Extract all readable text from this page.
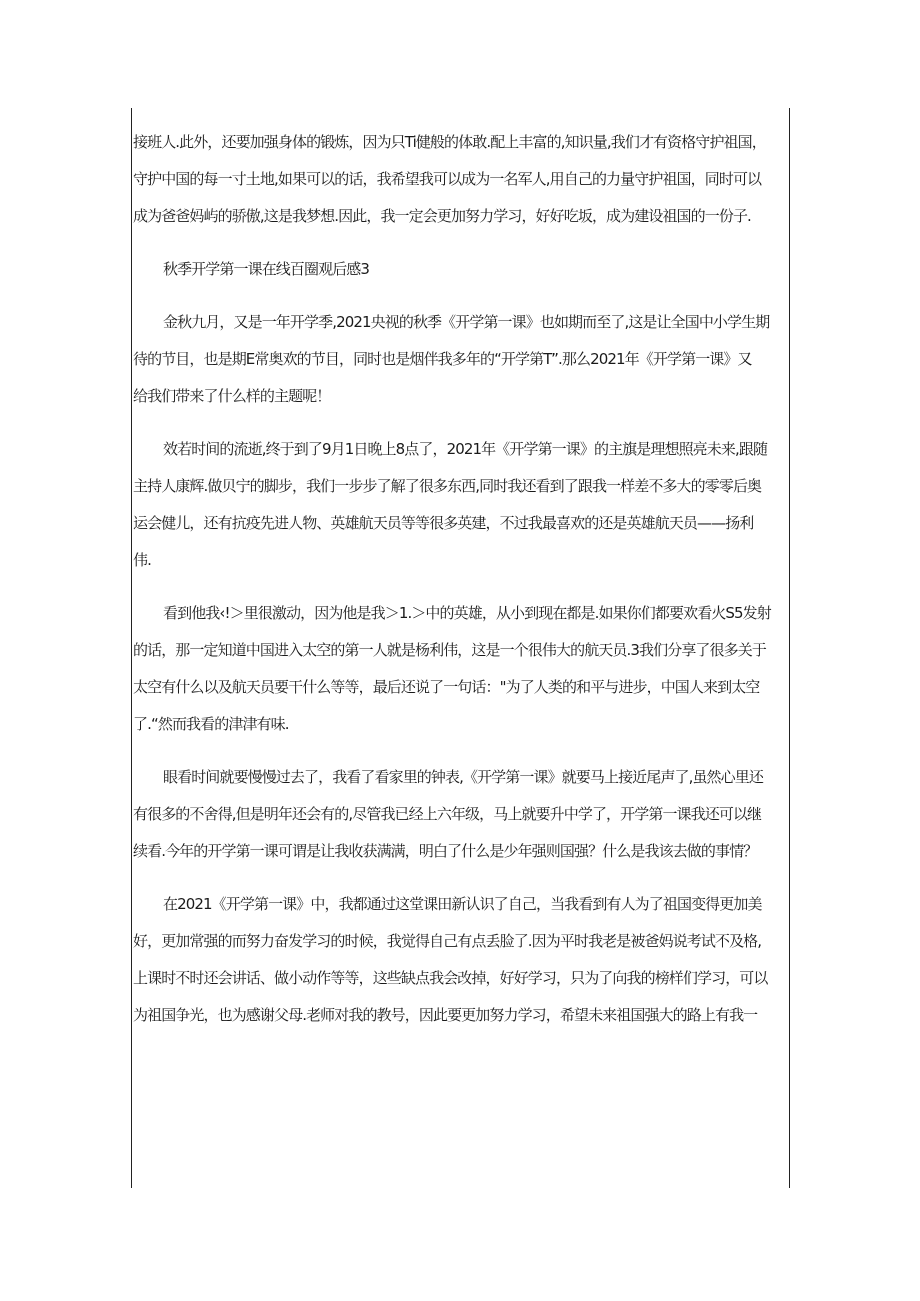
接班人.此外，还要加强身体的锻炼，因为只Ti健般的体敢.配上丰富的,知识量,我们才有资格守护祖国，

守护中国的每一寸土地,如果可以的话，我希望我可以成为一名军人,用自己的力量守护祖国，同时可以

成为爸爸妈屿的骄傲,这是我梦想.因此，我一定会更加努力学习，好好吃坂，成为建设祖国的一份子.

秋季开学第一课在线百圈观后感3

金秋九月，又是一年开学季,2021央视的秋季《开学第一课》也如期而至了,这是让全国中小学生期

待的节目，也是期E常奥欢的节目，同时也是烟伴我多年的“开学第T”.那么2021年《开学第一课》又

给我们带来了什么样的主题呢！

效若时间的流逝,终于到了9月1日晚上8点了，2021年《开学第一课》的主旗是理想照亮未来,跟随

主持人康辉.做贝宁的脚步，我们一步步了解了很多东西,同时我还看到了跟我一样差不多大的零零后奥

运会健儿，还有抗疫先进人物、英雄航天员等等很多英建，不过我最喜欢的还是英雄航天员——扬利

伟.

看到他我‹!＞里很激动，因为他是我＞1.＞中的英雄，从小到现在都是.如果你们都要欢看火S5发射

的话，那一定知道中国进入太空的第一人就是杨利伟，这是一个很伟大的航天员.3我们分享了很多关于

太空有什么以及航天员要干什么等等，最后还说了一句话："为了人类的和平与进步，中国人来到太空

了.“然而我看的津津有味.

眼看时间就要慢慢过去了，我看了看家里的钟表,《开学第一课》就要马上接近尾声了,虽然心里还

有很多的不舍得,但是明年还会有的,尽管我已经上六年级，马上就要升中学了，开学第一课我还可以继

续看.今年的开学第一课可谓是让我收获满满，明白了什么是少年强则国强？什么是我该去做的事情？

在2021《开学第一课》中，我都通过这堂课田新认识了自己，当我看到有人为了祖国变得更加美

好，更加常强的而努力奋发学习的时候，我觉得自己有点丢脸了.因为平时我老是被爸妈说考试不及格,

上课时不时还会讲话、做小动作等等，这些缺点我会改掉，好好学习，只为了向我的榜样们学习，可以

为祖国争光，也为感谢父母.老师对我的教号，因此要更加努力学习，希望未来祖国强大的路上有我一
